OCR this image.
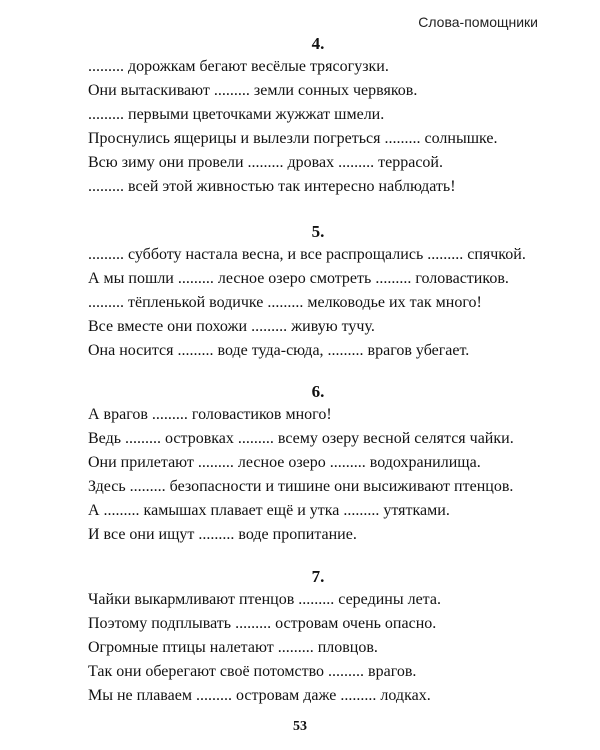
Слова-помощники
4.
......... дорожкам бегают весёлые трясогузки.
Они вытаскивают ......... земли сонных червяков.
......... первыми цветочками жужжат шмели.
Проснулись ящерицы и вылезли погреться ......... солнышке.
Всю зиму они провели ......... дровах ......... террасой.
......... всей этой живностью так интересно наблюдать!
5.
......... субботу настала весна, и все распрощались ......... спячкой.
А мы пошли ......... лесное озеро смотреть ......... головастиков.
......... тёпленькой водичке ......... мелководье их так много!
Все вместе они похожи ......... живую тучу.
Она носится ......... воде туда-сюда, ......... врагов убегает.
6.
А врагов ......... головастиков много!
Ведь ......... островках ......... всему озеру весной селятся чайки.
Они прилетают ......... лесное озеро ......... водохранилища.
Здесь ......... безопасности и тишине они высиживают птенцов.
А ......... камышах плавает ещё и утка ......... утятками.
И все они ищут ......... воде пропитание.
7.
Чайки выкармливают птенцов ......... середины лета.
Поэтому подплывать ......... островам очень опасно.
Огромные птицы налетают ......... пловцов.
Так они оберегают своё потомство ......... врагов.
Мы не плаваем ......... островам даже ......... лодках.
53
